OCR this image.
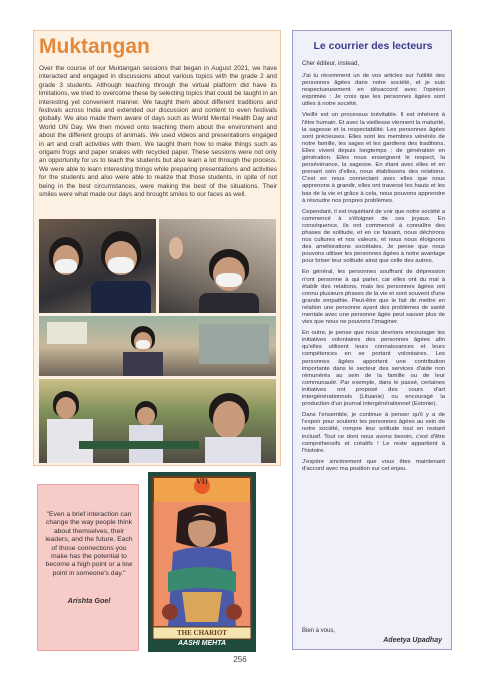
Muktangan

Over the course of our Muktangan sessions that began in August 2021, we have interacted and engaged in discussions about various topics with the grade 2 and grade 3 students. Although teaching through the virtual platform did have its limitations, we tried to overcome these by selecting topics that could be taught in an interesting yet convenient manner. We taught them about different traditions and festivals across India and extended our discussion and content to even festivals globally. We also made them aware of days such as World Mental Health Day and World UN Day. We then moved onto teaching them about the environment and about the different groups of animals. We used videos and presentations engaged in art and craft activities with them. We taught them how to make things such as origami frogs and paper snakes with recycled paper. These sessions were not only an opportunity for us to teach the students but also learn a lot through the process. We were able to learn interesting things while preparing presentations and activities for the students and also were able to realize that those students, in spite of not being in the best circumstances, were making the best of the situations. Their smiles were what made our days and brought smiles to our faces as well.

Le courrier des lecteurs

Cher éditeur, instead,

J'ai lu récemment un de vos articles sur l'utilité des personnes âgées dans notre société, et je suis respectueusement en désaccord avec l'opinion exprimée : Je crois que les personnes âgées sont utiles à notre société.

Vieillir est un processus inévitable. Il est inhérent à l'être humain. Et avec la vieillesse viennent la maturité, la sagesse et la respectabilité. Les personnes âgées sont précieuses. Elles sont les membres vénérés de notre famille, les sages et les gardiens des traditions. Elles vivent depuis longtemps : de génération en génération. Elles nous enseignent le respect, la persévérance, la sagesse. En étant avec elles et en prenant soin d'elles, nous établissons des relations. C'est en nous connectant avec elles que nous apprenons à grandir, elles ont traversé les hauts et les bas de la vie et grâce à cela, nous pouvons apprendre à résoudre nos propres problèmes.

Cependant, il est inquiétant de voir que notre société a commencé à s'éloigner de ces joyaux. En conséquence, ils ont commencé à connaître des phases de solitude, et en ce faisant, nous déchirons nos cultures et nos valeurs, et nous nous éloignons des améliorations sociétales. Je pense que nous pouvons utiliser les personnes âgées à notre avantage pour briser leur solitude ainsi que celle des autres.

En général, les personnes souffrant de dépression n'ont personne à qui parler, car elles ont du mal à établir des relations, mais les personnes âgées ont connu plusieurs phases de la vie et sont souvent d'une grande empathie. Peut-être que le fait de mettre en relation une personne ayant des problèmes de santé mentale avec une personne âgée peut sauver plus de vies que nous ne pouvons l'imaginer.

En outre, je pense que nous devrions encourager les initiatives volontaires des personnes âgées afin qu'elles utilisent leurs connaissances et leurs compétences en se portant volontaires. Les personnes âgées apportent une contribution importante dans le secteur des services d'aide non rémunérés au sein de la famille ou de leur communauté. Par exemple, dans le passé, certaines initiatives ont proposé des cours d'art intergénérationnels (Lituanie) ou encouragé la production d'un journal intergénérationnel (Estonie).

Dans l'ensemble, je continue à penser qu'il y a de l'espoir pour soutenir les personnes âgées au sein de notre société, rompre leur solitude tout en restant inclusif. Tout ce dont nous avons besoin, c'est d'être compréhensifs et créatifs ! Le reste appartient à l'histoire.

J'espère sincèrement que vous êtes maintenant d'accord avec ma position sur cet enjeu.

Bien à vous,

Adeetya Upadhay

"Even a brief interaction can change the way people think about themselves, their leaders, and the future. Each of those connections you make has the potential to become a high point or a low point in someone's day."

Arishta Goel

VII
THE CHARIOT
AASHI MEHTA

256
